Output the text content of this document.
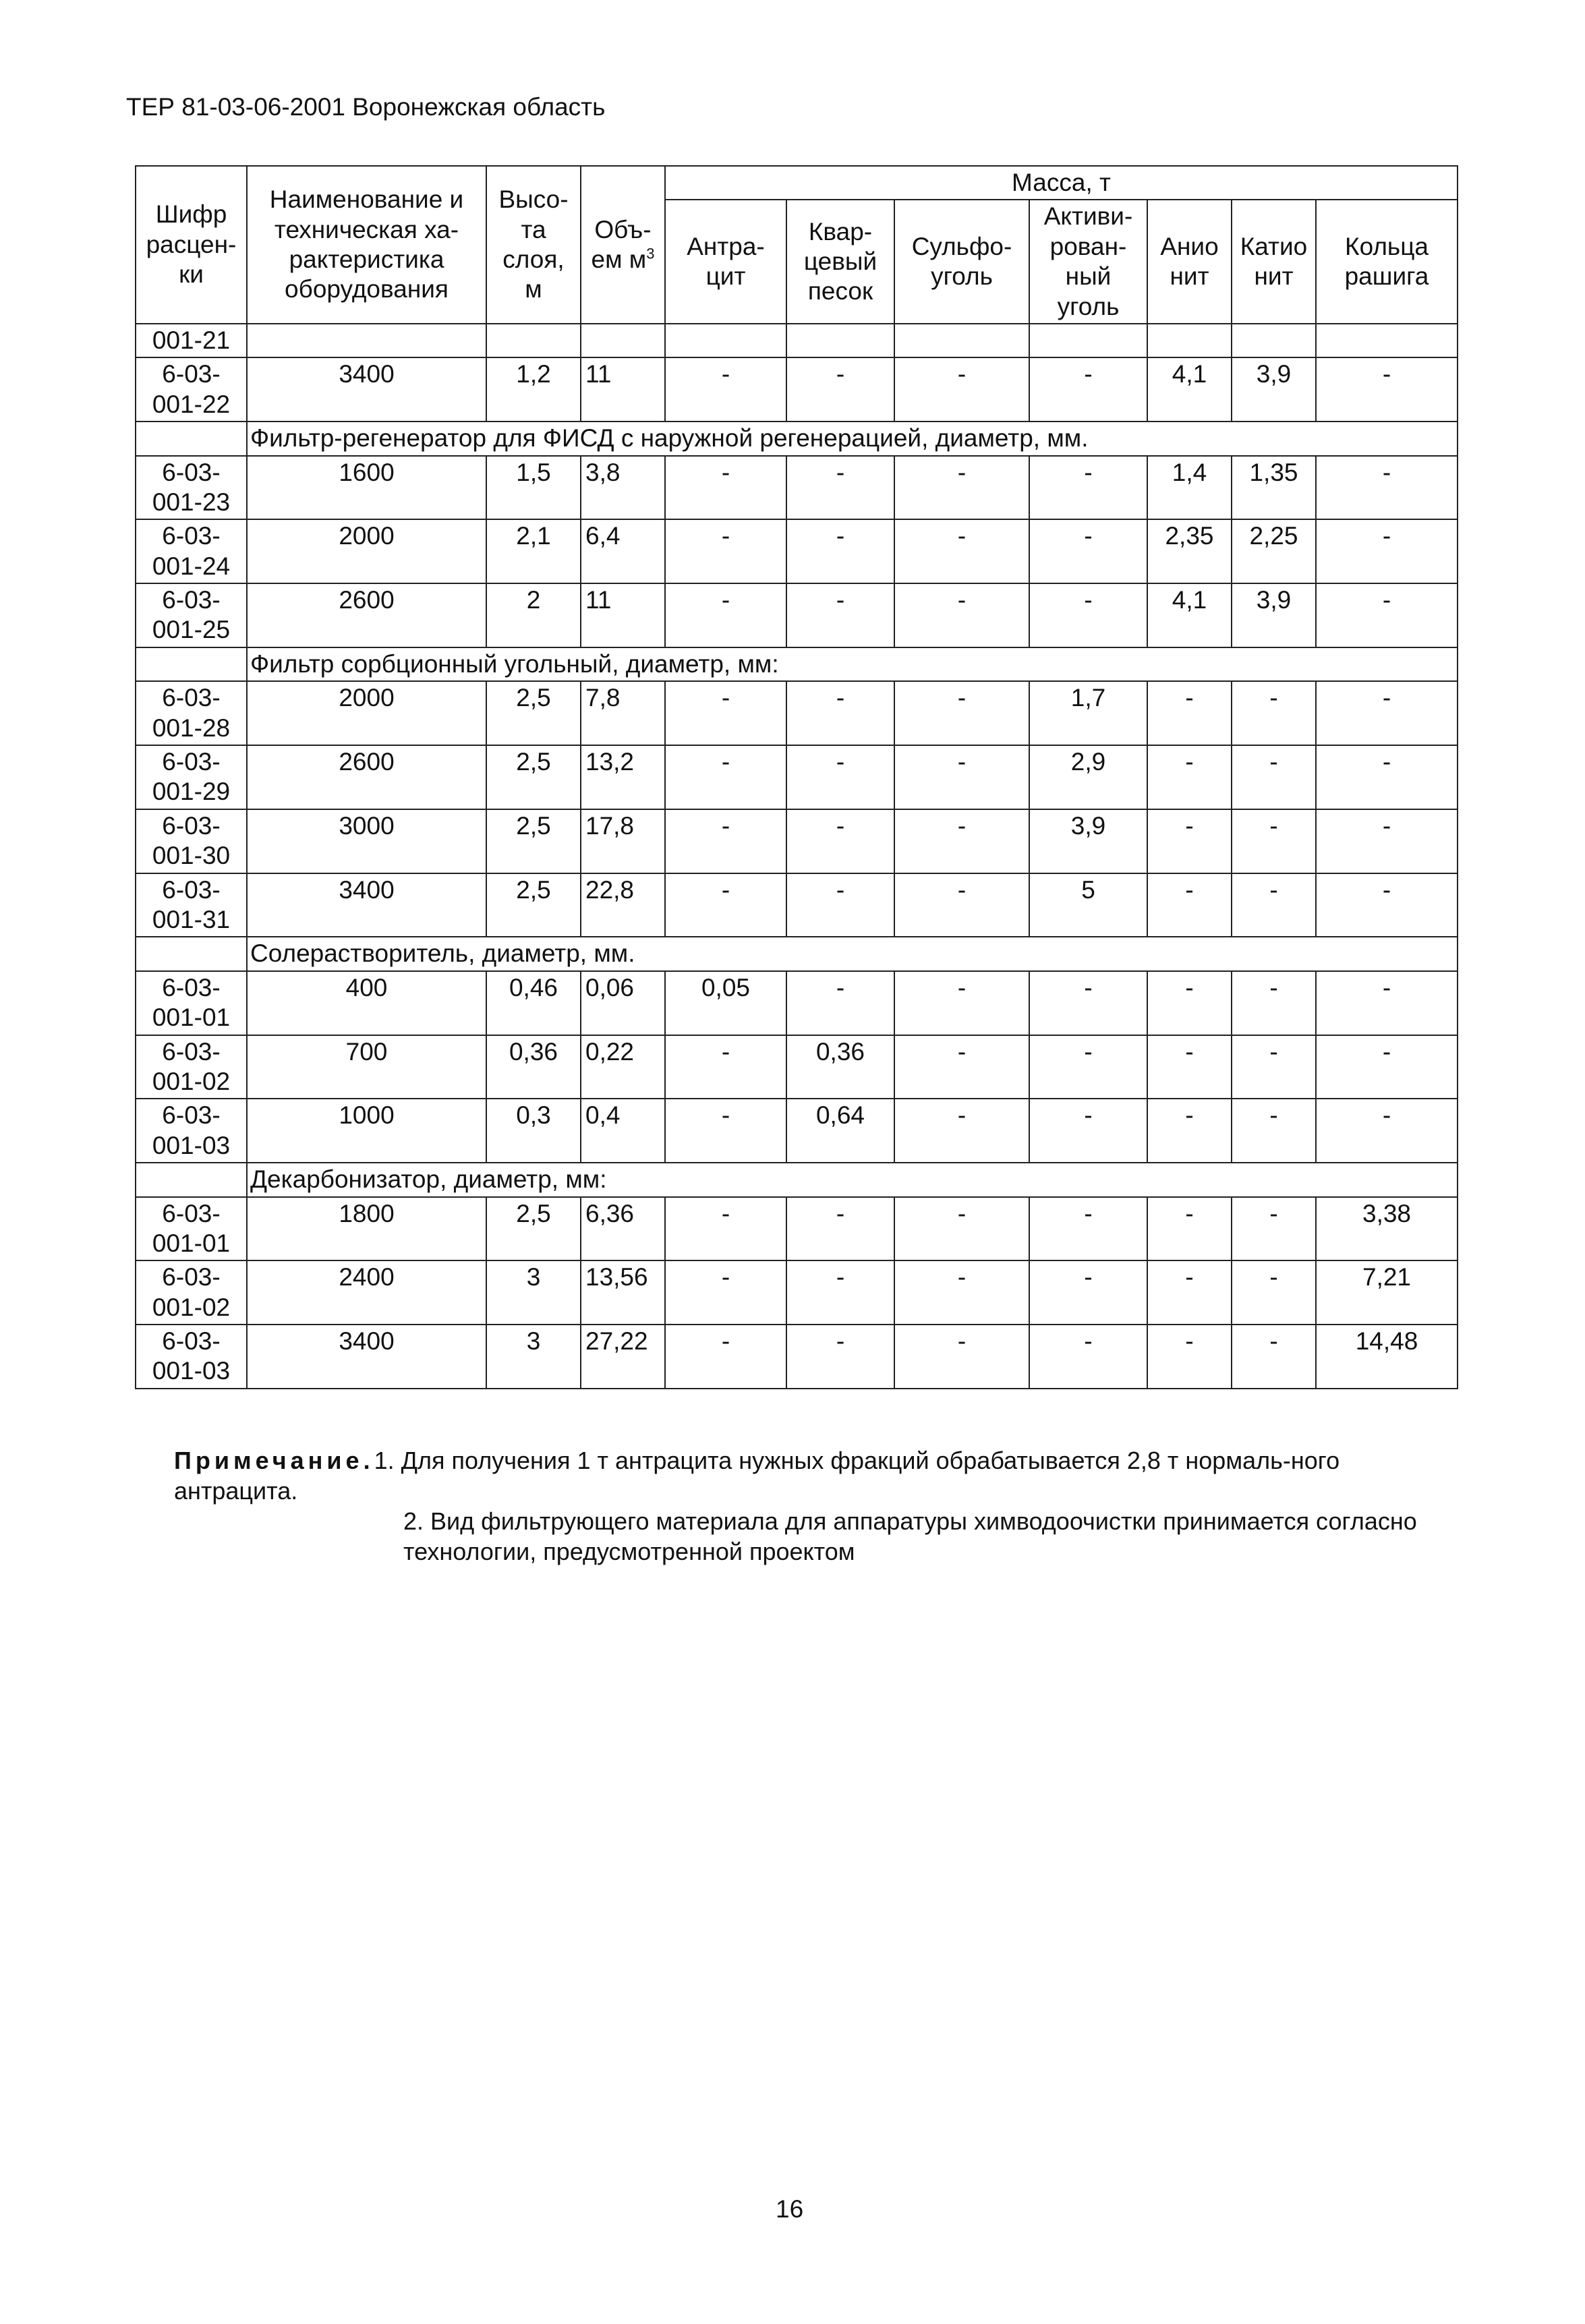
ТЕР 81-03-06-2001 Воронежская область
Шифр расцен-ки	Наименование и техническая ха-рактеристика оборудования	Высо-та слоя, м	Объ-ем $м^3$	Масса, т						
				Антра-цит	Квар-цевый песок	Сульфо-уголь	Активи-рован-ный уголь	Анио нит	Катио нит	Кольца рашига
001-21										
6-03-001-22	3400	1,2	11	-	-	-	-	4,1	3,9	-
	Фильтр-регенератор для ФИСД с наружной регенерацией, диаметр, мм.									
6-03-001-23	1600	1,5	3,8	-	-	-	-	1,4	1,35	-
6-03-001-24	2000	2,1	6,4	-	-	-	-	2,35	2,25	-
6-03-001-25	2600	2	11	-	-	-	-	4,1	3,9	-
	Фильтр сорбционный угольный, диаметр, мм:									
6-03-001-28	2000	2,5	7,8	-	-	-	1,7	-	-	-
6-03-001-29	2600	2,5	13,2	-	-	-	2,9	-	-	-
6-03-001-30	3000	2,5	17,8	-	-	-	3,9	-	-	-
6-03-001-31	3400	2,5	22,8	-	-	-	5	-	-	-
	Солерастворитель, диаметр, мм.									
6-03-001-01	400	0,46	0,06	0,05	-	-	-	-	-	-
6-03-001-02	700	0,36	0,22	-	0,36	-	-	-	-	-
6-03-001-03	1000	0,3	0,4	-	0,64	-	-	-	-	-
	Декарбонизатор, диаметр, мм:									
6-03-001-01	1800	2,5	6,36	-	-	-	-	-	-	3,38
6-03-001-02	2400	3	13,56	-	-	-	-	-	-	7,21
6-03-001-03	3400	3	27,22	-	-	-	-	-	-	14,48
Примечание.1. Для получения 1 т антрацита нужных фракций обрабатывается 2,8 т нормаль-ного антрацита.
2. Вид фильтрующего материала для аппаратуры химводоочистки принимается согласно технологии, предусмотренной проектом
16
